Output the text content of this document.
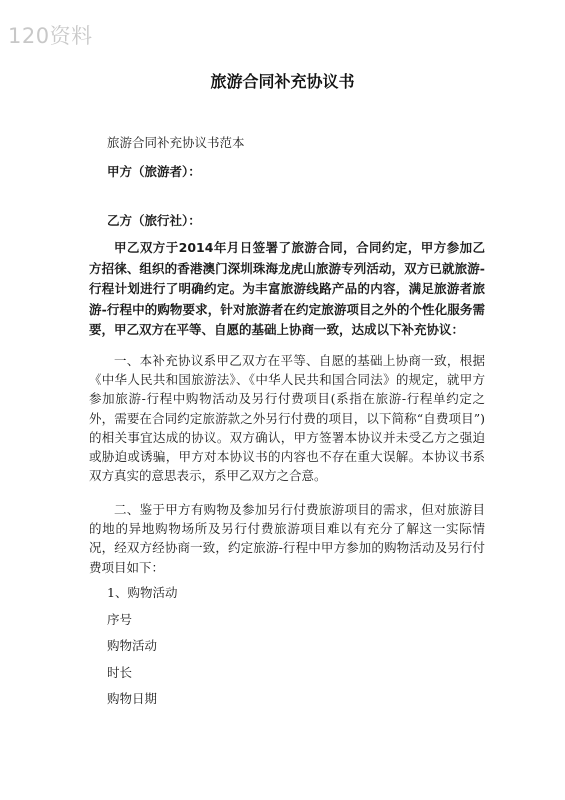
120资料
旅游合同补充协议书
旅游合同补充协议书范本
甲方（旅游者）：
乙方（旅行社）：
甲乙双方于2014年月日签署了旅游合同，合同约定，甲方参加乙方招徕、组织的香港澳门深圳珠海龙虎山旅游专列活动，双方已就旅游-行程计划进行了明确约定。为丰富旅游线路产品的内容，满足旅游者旅游-行程中的购物要求，针对旅游者在约定旅游项目之外的个性化服务需要，甲乙双方在平等、自愿的基础上协商一致，达成以下补充协议：
一、本补充协议系甲乙双方在平等、自愿的基础上协商一致，根据《中华人民共和国旅游法》、《中华人民共和国合同法》的规定，就甲方参加旅游-行程中购物活动及另行付费项目(系指在旅游-行程单约定之外，需要在合同约定旅游款之外另行付费的项目，以下简称“自费项目”)的相关事宜达成的协议。双方确认，甲方签署本协议并未受乙方之强迫或胁迫或诱骗，甲方对本协议书的内容也不存在重大误解。本协议书系双方真实的意思表示，系甲乙双方之合意。
二、鉴于甲方有购物及参加另行付费旅游项目的需求，但对旅游目的地的异地购物场所及另行付费旅游项目难以有充分了解这一实际情况，经双方经协商一致，约定旅游-行程中甲方参加的购物活动及另行付费项目如下：
1、购物活动
序号
购物活动
时长
购物日期
